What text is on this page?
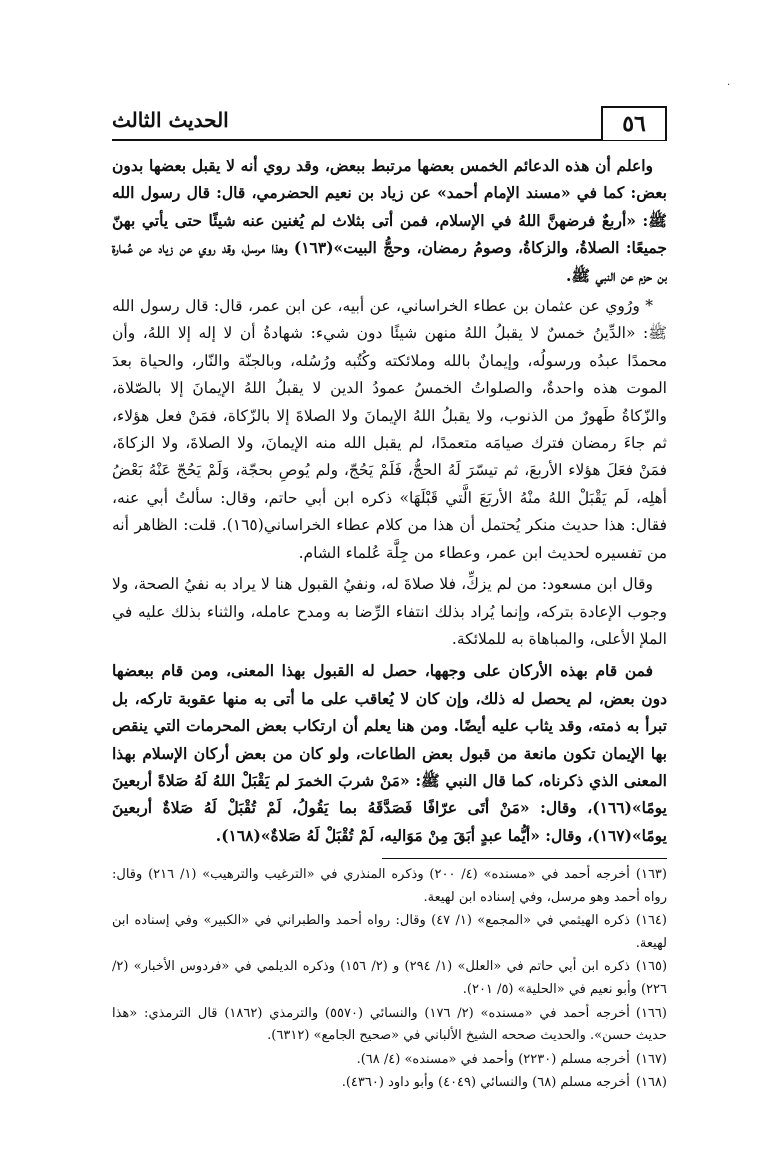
·
٥٦
الحديث الثالث

واعلم أن هذه الدعائم الخمس بعضها مرتبط ببعض، وقد روي أنه لا يقبل بعضها بدون بعض: كما في «مسند الإمام أحمد» عن زياد بن نعيم الحضرمي، قال: قال رسول الله ﷺ: «أربعٌ فرضهنَّ اللهُ في الإسلام، فمن أتى بثلاث لم يُغنين عنه شيئًا حتى يأتي بهنّ جميعًا: الصلاةُ، والزكاةُ، وصومُ رمضان، وحجُّ البيت»(١٦٣) وهذا مرسل، وقد روي عن زياد عن عُمارة بن حزم عن النبي ﷺ.

* ورُوي عن عثمان بن عطاء الخراساني، عن أبيه، عن ابن عمر، قال: قال رسول الله ﷺ: «الدِّينُ خمسٌ لا يقبلُ اللهُ منهن شيئًا دون شيء: شهادةُ أن لا إله إلا اللهُ، وأن محمدًا عبدُه ورسولُه، وإيمانٌ بالله وملائكته وكُتُبه ورُسُله، وبالجنّة والنّار، والحياة بعدَ الموت هذه واحدةٌ، والصلواتُ الخمسُ عمودُ الدين لا يقبلُ اللهُ الإيمانَ إلا بالصّلاة، والزّكاةُ طَهورٌ من الذنوب، ولا يقبلُ اللهُ الإيمانَ ولا الصلاةَ إلا بالزّكاة، فمَنْ فعل هؤلاء، ثم جاءَ رمضان فترك صيامَه متعمدًا، لم يقبل الله منه الإيمانَ، ولا الصلاةَ، ولا الزكاةَ، فمَنْ فعَلَ هؤلاء الأربعَ، ثم تيسّرَ لَهُ الحجُّ، فَلَمْ يَحُجّ، ولم يُوصِ بحجّة، وَلَمْ يَحُجّ عَنْهُ بَعْضُ أهلِه، لَم يَقْبَلْ اللهُ منْهُ الأربَعَ الَّتي قَبْلَهَا» ذكره ابن أبي حاتم، وقال: سألتُ أبي عنه، فقال: هذا حديث منكر يُحتمل أن هذا من كلام عطاء الخراساني(١٦٥). قلت: الظاهر أنه من تفسيره لحديث ابن عمر، وعطاء من جِلَّة عُلماء الشام.

وقال ابن مسعود: من لم يزكِّ، فلا صلاةَ له، ونفيُ القبول هنا لا يراد به نفيُ الصحة، ولا وجوب الإعادة بتركه، وإنما يُراد بذلك انتفاء الرِّضا به ومدح عامله، والثناء بذلك عليه في الملإ الأعلى، والمباهاة به للملائكة.

فمن قام بهذه الأركان على وجهها، حصل له القبول بهذا المعنى، ومن قام ببعضها دون بعض، لم يحصل له ذلك، وإن كان لا يُعاقب على ما أتى به منها عقوبة تاركه، بل تبرأ به ذمته، وقد يثاب عليه أيضًا. ومن هنا يعلم أن ارتكاب بعض المحرمات التي ينقص بها الإيمان تكون مانعة من قبول بعض الطاعات، ولو كان من بعض أركان الإسلام بهذا المعنى الذي ذكرناه، كما قال النبي ﷺ: «مَنْ شربَ الخمرَ لم يَقْبَلْ اللهُ لَهُ صَلاةً أربعينَ يومًا»(١٦٦)، وقال: «مَنْ أتَى عرّافًا فَصَدَّقَهُ بما يَقُولُ، لَمْ تُقْبَلْ لَهُ صَلاةٌ أربعينَ يومًا»(١٦٧)، وقال: «أيُّما عبدٍ أبَقَ مِنْ مَوَاليه، لَمْ تُقْبَلْ لَهُ صَلاةٌ»(١٦٨).

(١٦٣)أخرجه أحمد في «مسنده» (٤/ ٢٠٠) وذكره المنذري في «الترغيب والترهيب» (١/ ٢١٦) وقال: رواه أحمد وهو مرسل، وفي إسناده ابن لهيعة.
(١٦٤)ذكره الهيثمي في «المجمع» (١/ ٤٧) وقال: رواه أحمد والطبراني في «الكبير» وفي إسناده ابن لهيعة.
(١٦٥)ذكره ابن أبي حاتم في «العلل» (١/ ٢٩٤) و (٢/ ١٥٦) وذكره الديلمي في «فردوس الأخبار» (٢/ ٢٢٦) وأبو نعيم في «الحلية» (٥/ ٢٠١).
(١٦٦)أخرجه أحمد في «مسنده» (٢/ ١٧٦) والنسائي (٥٥٧٠) والترمذي (١٨٦٢) قال الترمذي: «هذا حديث حسن». والحديث صححه الشيخ الألباني في «صحيح الجامع» (٦٣١٢).
(١٦٧)أخرجه مسلم (٢٢٣٠) وأحمد في «مسنده» (٤/ ٦٨).
(١٦٨)أخرجه مسلم (٦٨) والنسائي (٤٠٤٩) وأبو داود (٤٣٦٠).
